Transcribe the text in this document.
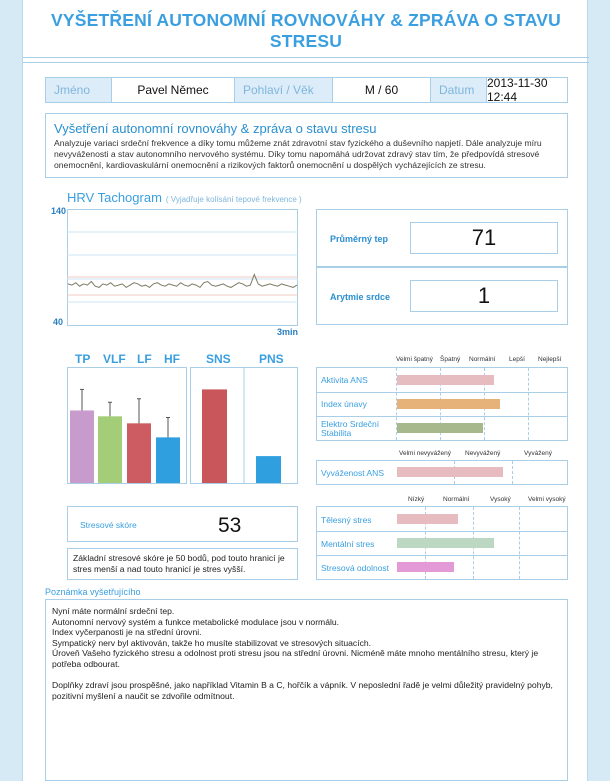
VYŠETŘENÍ AUTONOMNÍ ROVNOVÁHY & ZPRÁVA O STAVU STRESU
Jméno	Pavel Němec	Pohlaví / Věk	M / 60	Datum	2013-11-30 12:44
Vyšetření autonomní rovnováhy & zpráva o stavu stresu

Analyzuje variaci srdeční frekvence a díky tomu můžeme znát zdravotní stav fyzického a duševního napjetí. Dále analyzuje míru nevyváženosti a stav autonomního nervového systému. Díky tomu napomáhá udržovat zdravý stav tím, že předpovídá stresové onemocnění, kardiovaskulární onemocnění a rizikových faktorů onemocnění u dospělých vycházejících ze stresu.

HRV Tachogram ( Vyjadřuje kolísání tepové frekvence )
140
40
3min
Průměrný tep	71
Arytmie srdce	1
TP VLF LF HF SNS PNS	Velmi špatný Špatný Normální Lepší Nejlepší
Aktivita ANS
Index únavy
Elektro Srdeční Stabilita
Velmi nevyvážený Nevyvážený	Vyvážený
Vyváženost ANS
Nízký	Normální	Vysoký	Velmi vysoký
Tělesný stres
Mentální stres
Stresová odolnost
Stresové skóre	53
Základní stresové skóre je 50 bodů, pod touto hranicí je stres menší a nad touto hranicí je stres vyšší.
Poznámka vyšetřujícího
Nyní máte normální srdeční tep.
Autonomní nervový systém a funkce metabolické modulace jsou v normálu.
Index vyčerpanosti je na střední úrovni.
Sympatický nerv byl aktivován, takže ho musíte stabilizovat ve stresových situacích.
Úroveň Vašeho fyzického stresu a odolnost proti stresu jsou na střední úrovni. Nicméně máte mnoho mentálního stresu, který je potřeba odbourat.
Doplňky zdraví jsou prospěšné, jako například Vitamin B a C, hořčík a vápník. V neposlední řadě je velmi důležitý pravidelný pohyb, pozitivní myšlení a naučit se zdvořile odmítnout.
